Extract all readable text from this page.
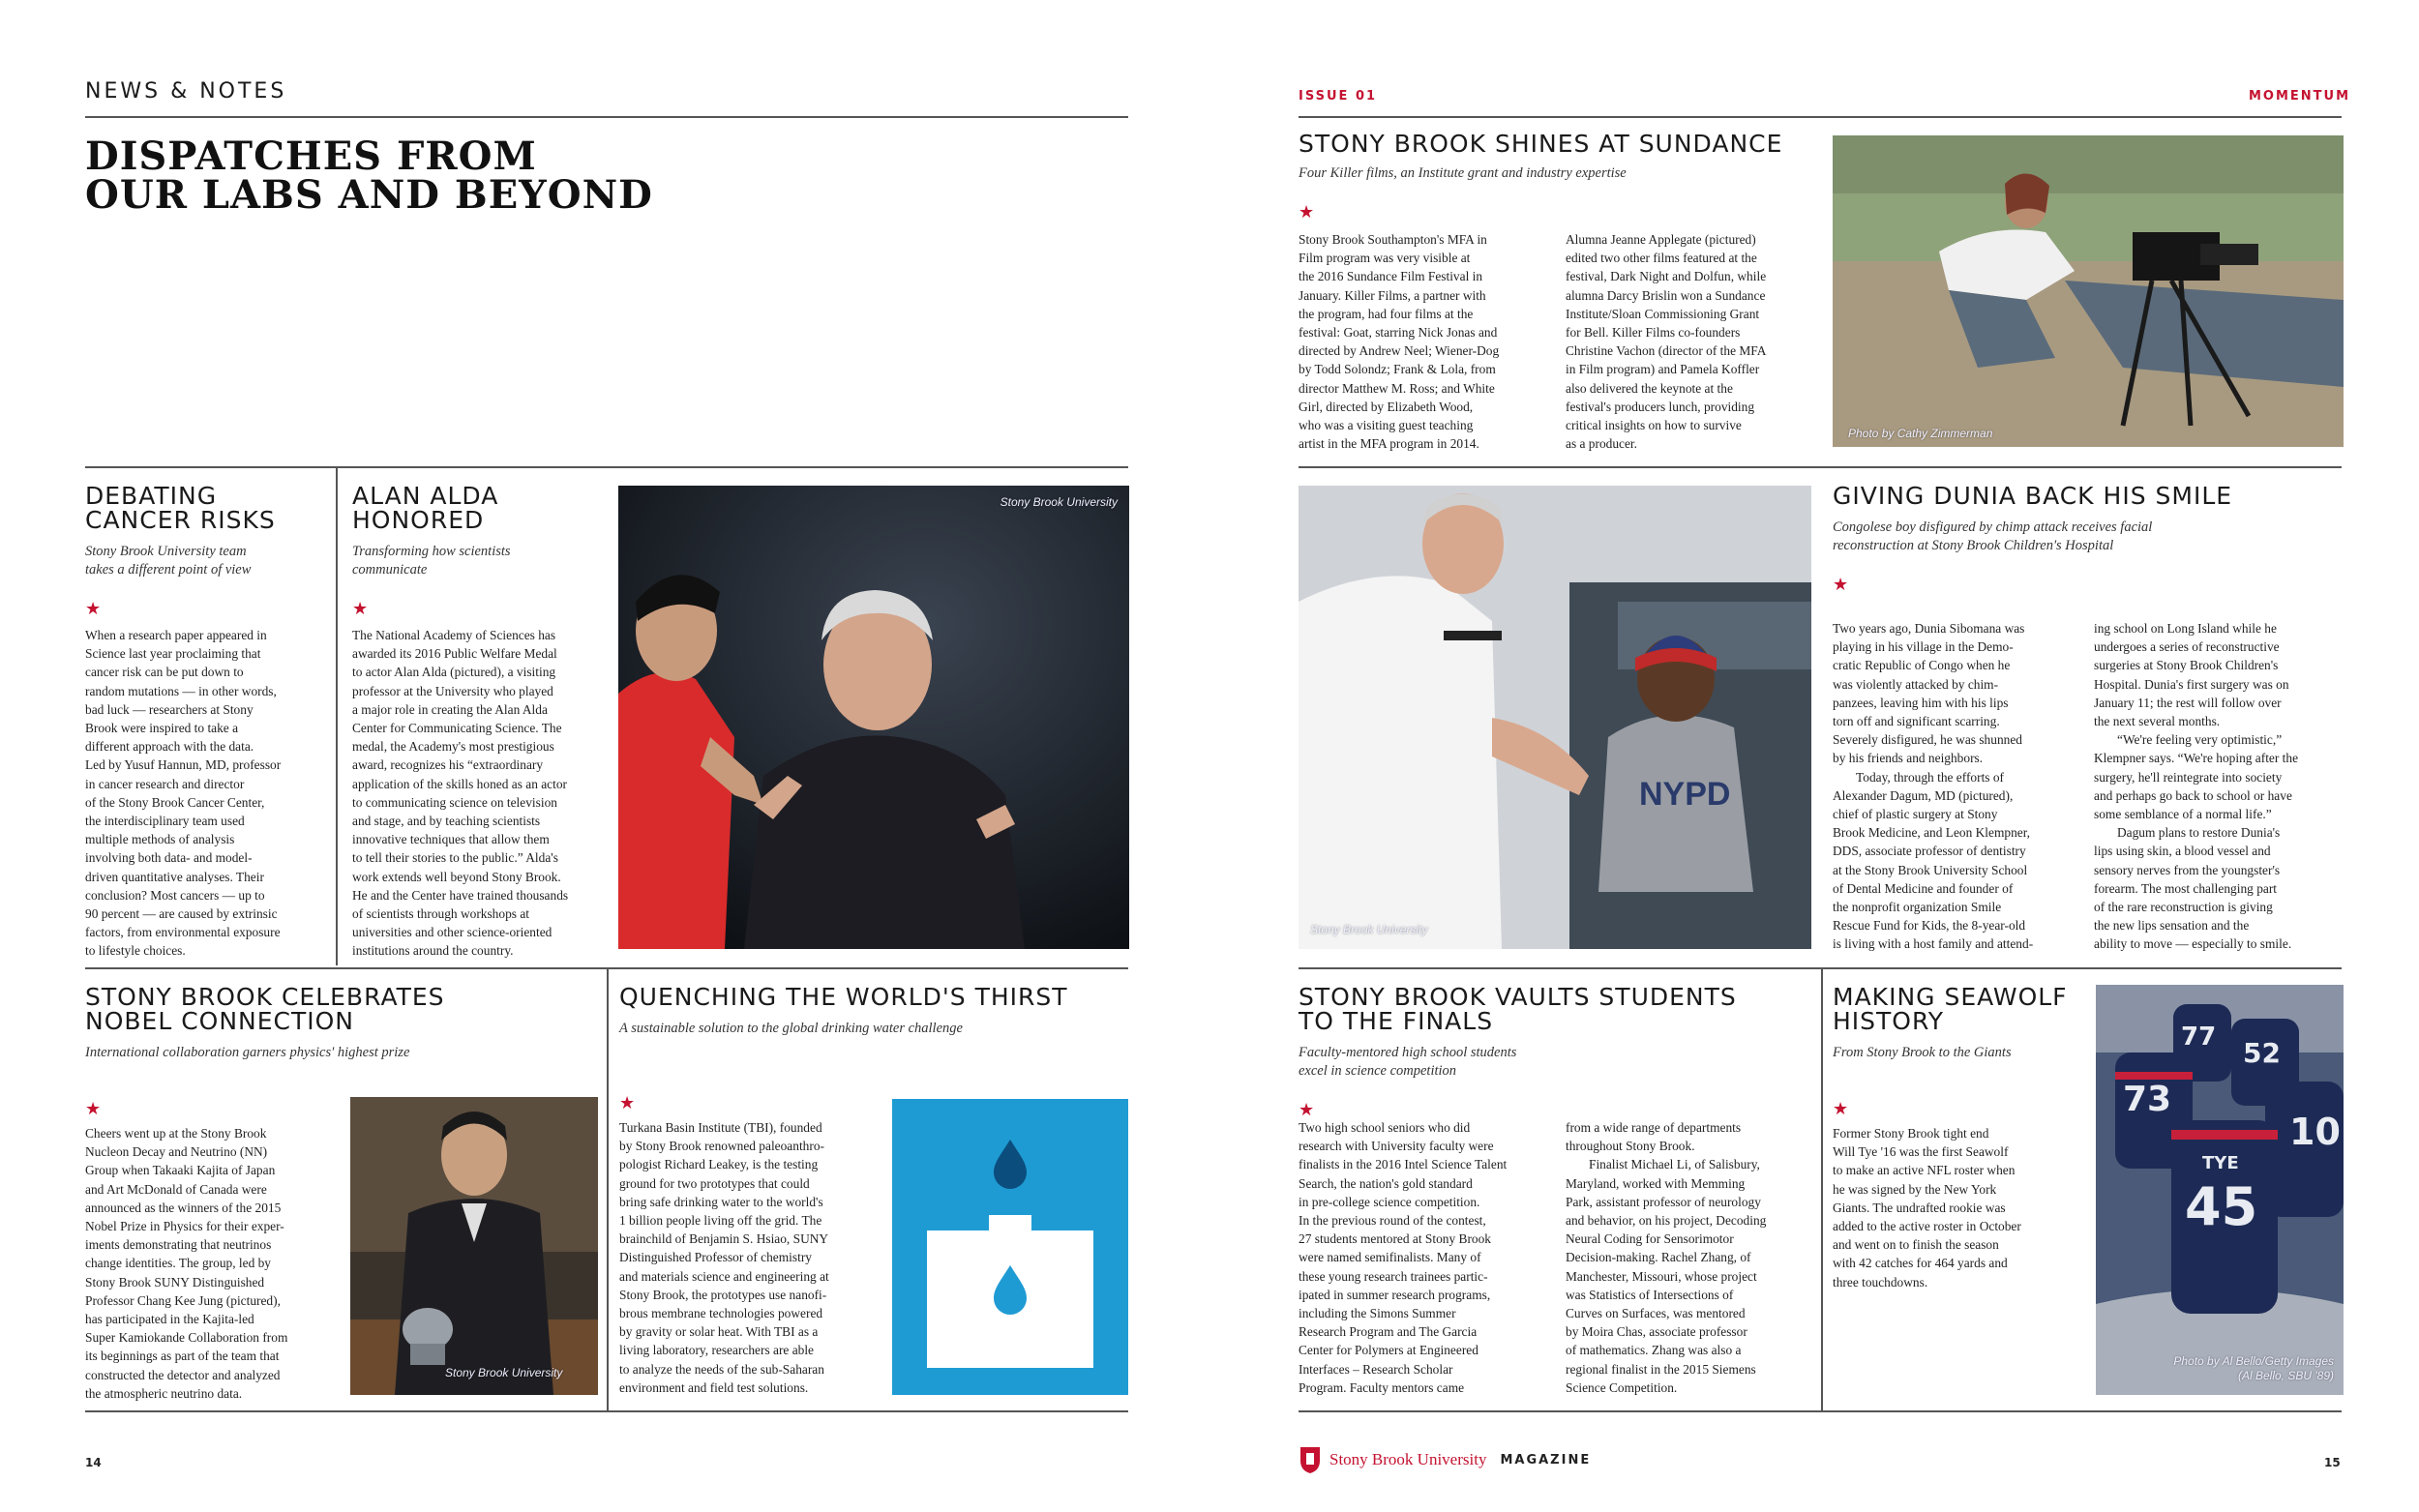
NEWS & NOTES
DISPATCHES FROM
OUR LABS AND BEYOND
DEBATING
CANCER RISKS
Stony Brook University team
takes a different point of view
★

When a research paper appeared in

Science last year proclaiming that

cancer risk can be put down to

random mutations — in other words,

bad luck — researchers at Stony

Brook were inspired to take a

different approach with the data.

Led by Yusuf Hannun, MD, professor

in cancer research and director

of the Stony Brook Cancer Center,

the interdisciplinary team used

multiple methods of analysis

involving both data- and model-

driven quantitative analyses. Their

conclusion? Most cancers — up to

90 percent — are caused by extrinsic

factors, from environmental exposure

to lifestyle choices.

ALAN ALDA
HONORED
Transforming how scientists
communicate
★

The National Academy of Sciences has

awarded its 2016 Public Welfare Medal

to actor Alan Alda (pictured), a visiting

professor at the University who played

a major role in creating the Alan Alda

Center for Communicating Science. The

medal, the Academy's most prestigious

award, recognizes his “extraordinary

application of the skills honed as an actor

to communicating science on television

and stage, and by teaching scientists

innovative techniques that allow them

to tell their stories to the public.” Alda's

work extends well beyond Stony Brook.

He and the Center have trained thousands

of scientists through workshops at

universities and other science-oriented

institutions around the country.

Stony Brook University
STONY BROOK CELEBRATES
NOBEL CONNECTION
International collaboration garners physics' highest prize
★

Cheers went up at the Stony Brook

Nucleon Decay and Neutrino (NN)

Group when Takaaki Kajita of Japan

and Art McDonald of Canada were

announced as the winners of the 2015

Nobel Prize in Physics for their exper-

iments demonstrating that neutrinos

change identities. The group, led by

Stony Brook SUNY Distinguished

Professor Chang Kee Jung (pictured),

has participated in the Kajita-led

Super Kamiokande Collaboration from

its beginnings as part of the team that

constructed the detector and analyzed

the atmospheric neutrino data.

Stony Brook University
QUENCHING THE WORLD'S THIRST
A sustainable solution to the global drinking water challenge
★

Turkana Basin Institute (TBI), founded

by Stony Brook renowned paleoanthro-

pologist Richard Leakey, is the testing

ground for two prototypes that could

bring safe drinking water to the world's

1 billion people living off the grid. The

brainchild of Benjamin S. Hsiao, SUNY

Distinguished Professor of chemistry

and materials science and engineering at

Stony Brook, the prototypes use nanofi-

brous membrane technologies powered

by gravity or solar heat. With TBI as a

living laboratory, researchers are able

to analyze the needs of the sub-Saharan

environment and field test solutions.

14
ISSUE 01	MOMENTUM
STONY BROOK SHINES AT SUNDANCE
Four Killer films, an Institute grant and industry expertise
★

Stony Brook Southampton's MFA in

Film program was very visible at

the 2016 Sundance Film Festival in

January. Killer Films, a partner with

the program, had four films at the

festival: Goat, starring Nick Jonas and

directed by Andrew Neel; Wiener-Dog

by Todd Solondz; Frank & Lola, from

director Matthew M. Ross; and White

Girl, directed by Elizabeth Wood,

who was a visiting guest teaching

artist in the MFA program in 2014.

Alumna Jeanne Applegate (pictured)

edited two other films featured at the

festival, Dark Night and Dolfun, while

alumna Darcy Brislin won a Sundance

Institute/Sloan Commissioning Grant

for Bell. Killer Films co-founders

Christine Vachon (director of the MFA

in Film program) and Pamela Koffler

also delivered the keynote at the

festival's producers lunch, providing

critical insights on how to survive

as a producer.

Photo by Cathy Zimmerman
NYPD
Stony Brook University
GIVING DUNIA BACK HIS SMILE
Congolese boy disfigured by chimp attack receives facial
reconstruction at Stony Brook Children's Hospital
★

Two years ago, Dunia Sibomana was

playing in his village in the Demo-

cratic Republic of Congo when he

was violently attacked by chim-

panzees, leaving him with his lips

torn off and significant scarring.

Severely disfigured, he was shunned

by his friends and neighbors.

Today, through the efforts of

Alexander Dagum, MD (pictured),

chief of plastic surgery at Stony

Brook Medicine, and Leon Klempner,

DDS, associate professor of dentistry

at the Stony Brook University School

of Dental Medicine and founder of

the nonprofit organization Smile

Rescue Fund for Kids, the 8-year-old

is living with a host family and attend-

ing school on Long Island while he

undergoes a series of reconstructive

surgeries at Stony Brook Children's

Hospital. Dunia's first surgery was on

January 11; the rest will follow over

the next several months.

“We're feeling very optimistic,”

Klempner says. “We're hoping after the

surgery, he'll reintegrate into society

and perhaps go back to school or have

some semblance of a normal life.”

Dagum plans to restore Dunia's

lips using skin, a blood vessel and

sensory nerves from the youngster's

forearm. The most challenging part

of the rare reconstruction is giving

the new lips sensation and the

ability to move — especially to smile.

STONY BROOK VAULTS STUDENTS
TO THE FINALS
Faculty-mentored high school students
excel in science competition
★

Two high school seniors who did

research with University faculty were

finalists in the 2016 Intel Science Talent

Search, the nation's gold standard

in pre-college science competition.

In the previous round of the contest,

27 students mentored at Stony Brook

were named semifinalists. Many of

these young research trainees partic-

ipated in summer research programs,

including the Simons Summer

Research Program and The Garcia

Center for Polymers at Engineered

Interfaces – Research Scholar

Program. Faculty mentors came

from a wide range of departments

throughout Stony Brook.

Finalist Michael Li, of Salisbury,

Maryland, worked with Memming

Park, assistant professor of neurology

and behavior, on his project, Decoding

Neural Coding for Sensorimotor

Decision-making. Rachel Zhang, of

Manchester, Missouri, whose project

was Statistics of Intersections of

Curves on Surfaces, was mentored

by Moira Chas, associate professor

of mathematics. Zhang was also a

regional finalist in the 2015 Siemens

Science Competition.

MAKING SEAWOLF
HISTORY
From Stony Brook to the Giants
★

Former Stony Brook tight end

Will Tye '16 was the first Seawolf

to make an active NFL roster when

he was signed by the New York

Giants. The undrafted rookie was

added to the active roster in October

and went on to finish the season

with 42 catches for 464 yards and

three touchdowns.

77 52
73
10
TYE
45
Photo by Al Bello/Getty Images
(Al Bello, SBU '89)
Stony Brook University MAGAZINE	15
